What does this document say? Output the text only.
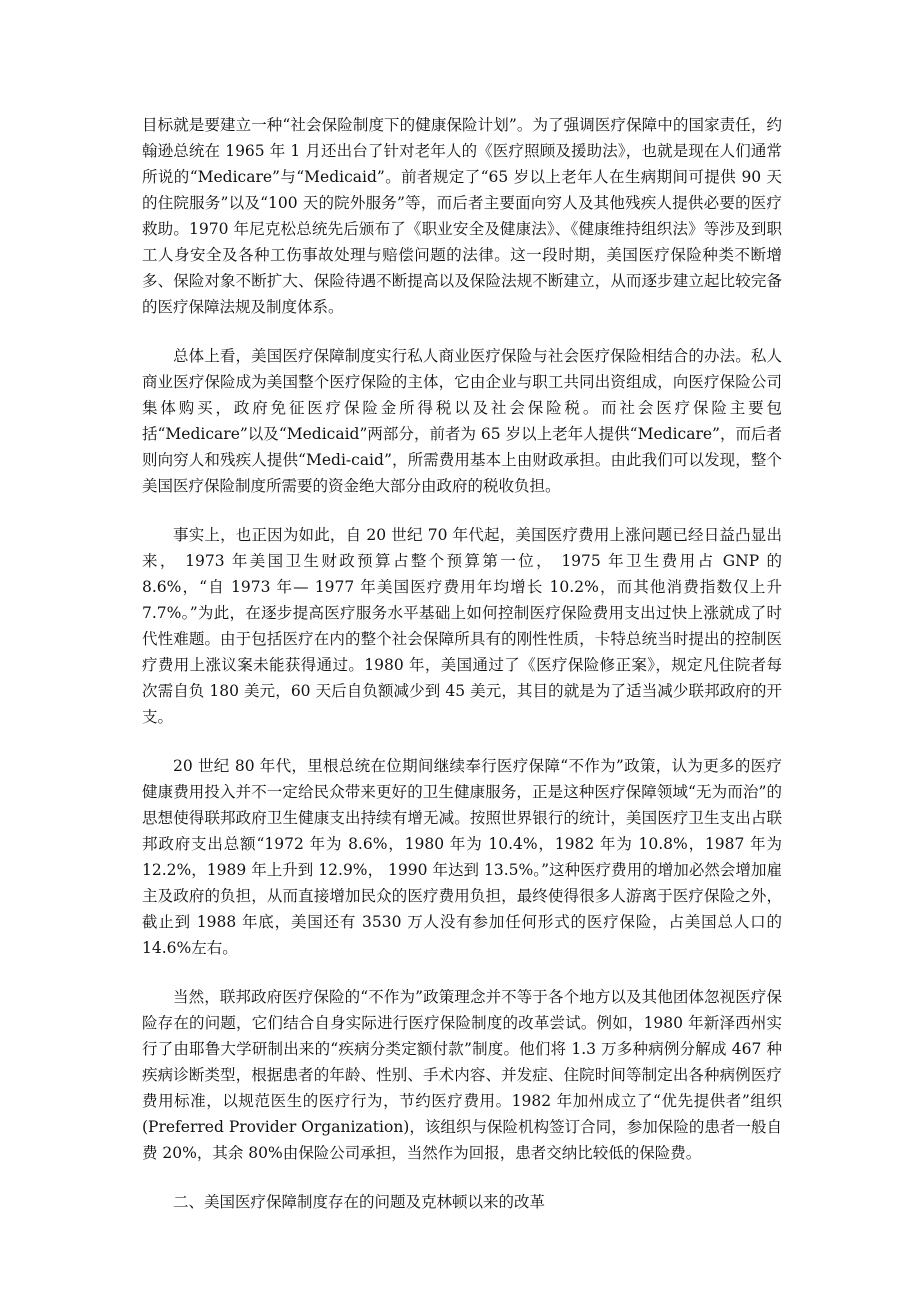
目标就是要建立一种“社会保险制度下的健康保险计划”。为了强调医疗保障中的国家责任，约翰逊总统在 1965 年 1 月还出台了针对老年人的《医疗照顾及援助法》，也就是现在人们通常所说的“Medicare”与“Medicaid”。前者规定了“65 岁以上老年人在生病期间可提供 90 天的住院服务”以及“100 天的院外服务”等，而后者主要面向穷人及其他残疾人提供必要的医疗救助。1970 年尼克松总统先后颁布了《职业安全及健康法》、《健康维持组织法》等涉及到职工人身安全及各种工伤事故处理与赔偿问题的法律。这一段时期，美国医疗保险种类不断增多、保险对象不断扩大、保险待遇不断提高以及保险法规不断建立，从而逐步建立起比较完备的医疗保障法规及制度体系。

总体上看，美国医疗保障制度实行私人商业医疗保险与社会医疗保险相结合的办法。私人商业医疗保险成为美国整个医疗保险的主体，它由企业与职工共同出资组成，向医疗保险公司集体购买，政府免征医疗保险金所得税以及社会保险税。而社会医疗保险主要包括“Medicare”以及“Medicaid”两部分，前者为 65 岁以上老年人提供“Medicare”，而后者则向穷人和残疾人提供“Medi-caid”，所需费用基本上由财政承担。由此我们可以发现，整个美国医疗保险制度所需要的资金绝大部分由政府的税收负担。

事实上，也正因为如此，自 20 世纪 70 年代起，美国医疗费用上涨问题已经日益凸显出来， 1973 年美国卫生财政预算占整个预算第一位， 1975 年卫生费用占 GNP 的 8.6%，“自 1973 年— 1977 年美国医疗费用年均增长 10.2%，而其他消费指数仅上升 7.7%。”为此，在逐步提高医疗服务水平基础上如何控制医疗保险费用支出过快上涨就成了时代性难题。由于包括医疗在内的整个社会保障所具有的刚性性质，卡特总统当时提出的控制医疗费用上涨议案未能获得通过。1980 年，美国通过了《医疗保险修正案》，规定凡住院者每次需自负 180 美元，60 天后自负额减少到 45 美元，其目的就是为了适当减少联邦政府的开支。

20 世纪 80 年代，里根总统在位期间继续奉行医疗保障“不作为”政策，认为更多的医疗健康费用投入并不一定给民众带来更好的卫生健康服务，正是这种医疗保障领域“无为而治”的思想使得联邦政府卫生健康支出持续有增无减。按照世界银行的统计，美国医疗卫生支出占联邦政府支出总额“1972 年为 8.6%，1980 年为 10.4%，1982 年为 10.8%，1987 年为 12.2%，1989 年上升到 12.9%， 1990 年达到 13.5%。”这种医疗费用的增加必然会增加雇主及政府的负担，从而直接增加民众的医疗费用负担，最终使得很多人游离于医疗保险之外，截止到 1988 年底，美国还有 3530 万人没有参加任何形式的医疗保险，占美国总人口的 14.6%左右。

当然，联邦政府医疗保险的“不作为”政策理念并不等于各个地方以及其他团体忽视医疗保险存在的问题，它们结合自身实际进行医疗保险制度的改革尝试。例如，1980 年新泽西州实行了由耶鲁大学研制出来的“疾病分类定额付款”制度。他们将 1.3 万多种病例分解成 467 种疾病诊断类型，根据患者的年龄、性别、手术内容、并发症、住院时间等制定出各种病例医疗费用标准，以规范医生的医疗行为，节约医疗费用。1982 年加州成立了“优先提供者”组织(Preferred Provider Organization)，该组织与保险机构签订合同，参加保险的患者一般自费 20%，其余 80%由保险公司承担，当然作为回报，患者交纳比较低的保险费。

二、美国医疗保障制度存在的问题及克林顿以来的改革
